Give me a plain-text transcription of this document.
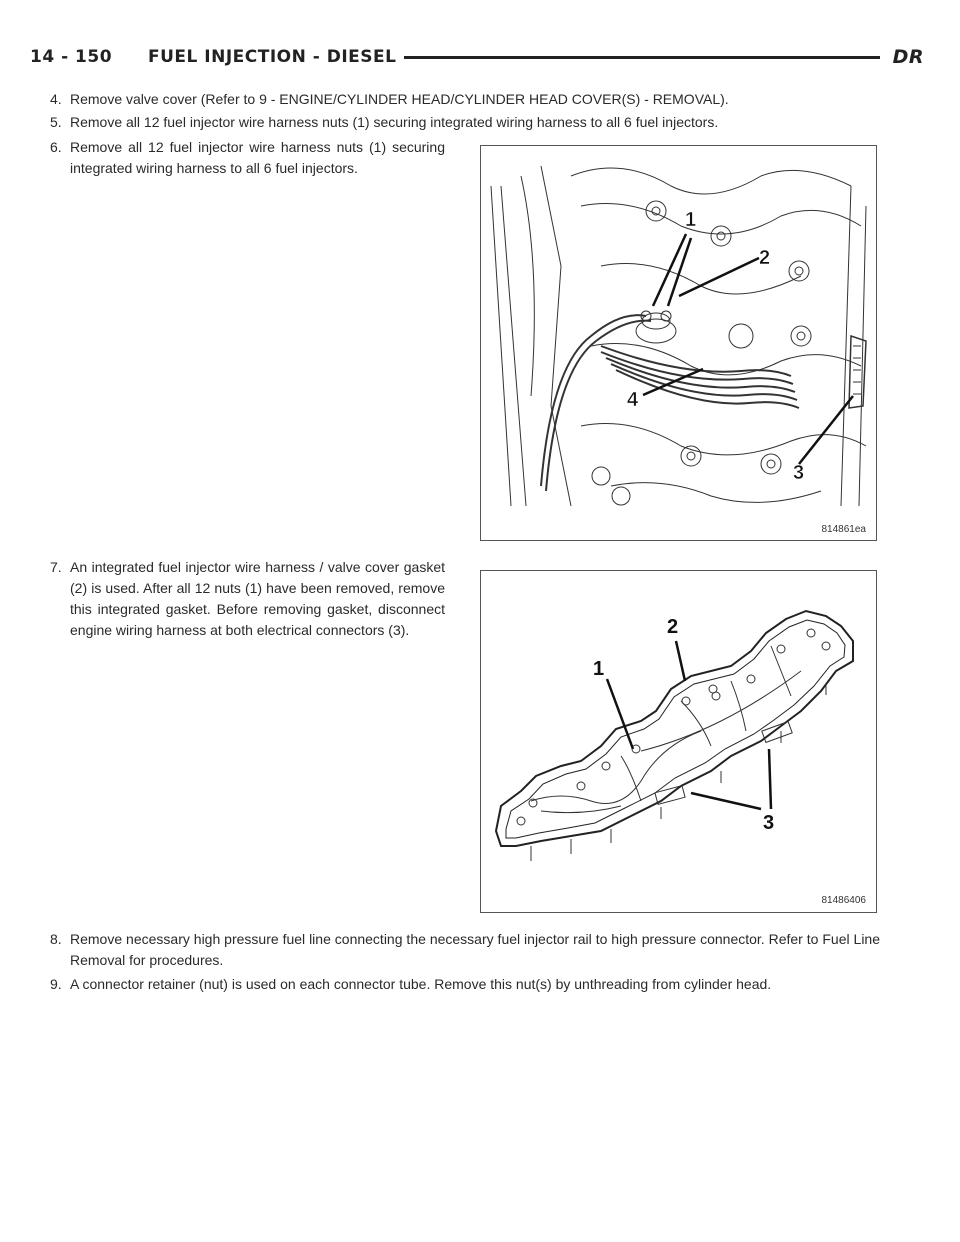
14 - 150 FUEL INJECTION - DIESEL	DR
4. Remove valve cover (Refer to 9 - ENGINE/CYLINDER HEAD/CYLINDER HEAD COVER(S) - REMOVAL).
5. Remove all 12 fuel injector wire harness nuts (1) securing integrated wiring harness to all 6 fuel injectors.
6. Remove all 12 fuel injector wire harness nuts (1) securing integrated wiring harness to all 6 fuel injectors.
1
2
3
4
814861ea
7. An integrated fuel injector wire harness / valve cover gasket (2) is used. After all 12 nuts (1) have been removed, remove this integrated gasket. Before removing gasket, disconnect engine wiring harness at both electrical connectors (3).
1
2
3
81486406
8. Remove necessary high pressure fuel line connecting the necessary fuel injector rail to high pressure connector. Refer to Fuel Line Removal for procedures.
9. A connector retainer (nut) is used on each connector tube. Remove this nut(s) by unthreading from cylinder head.
